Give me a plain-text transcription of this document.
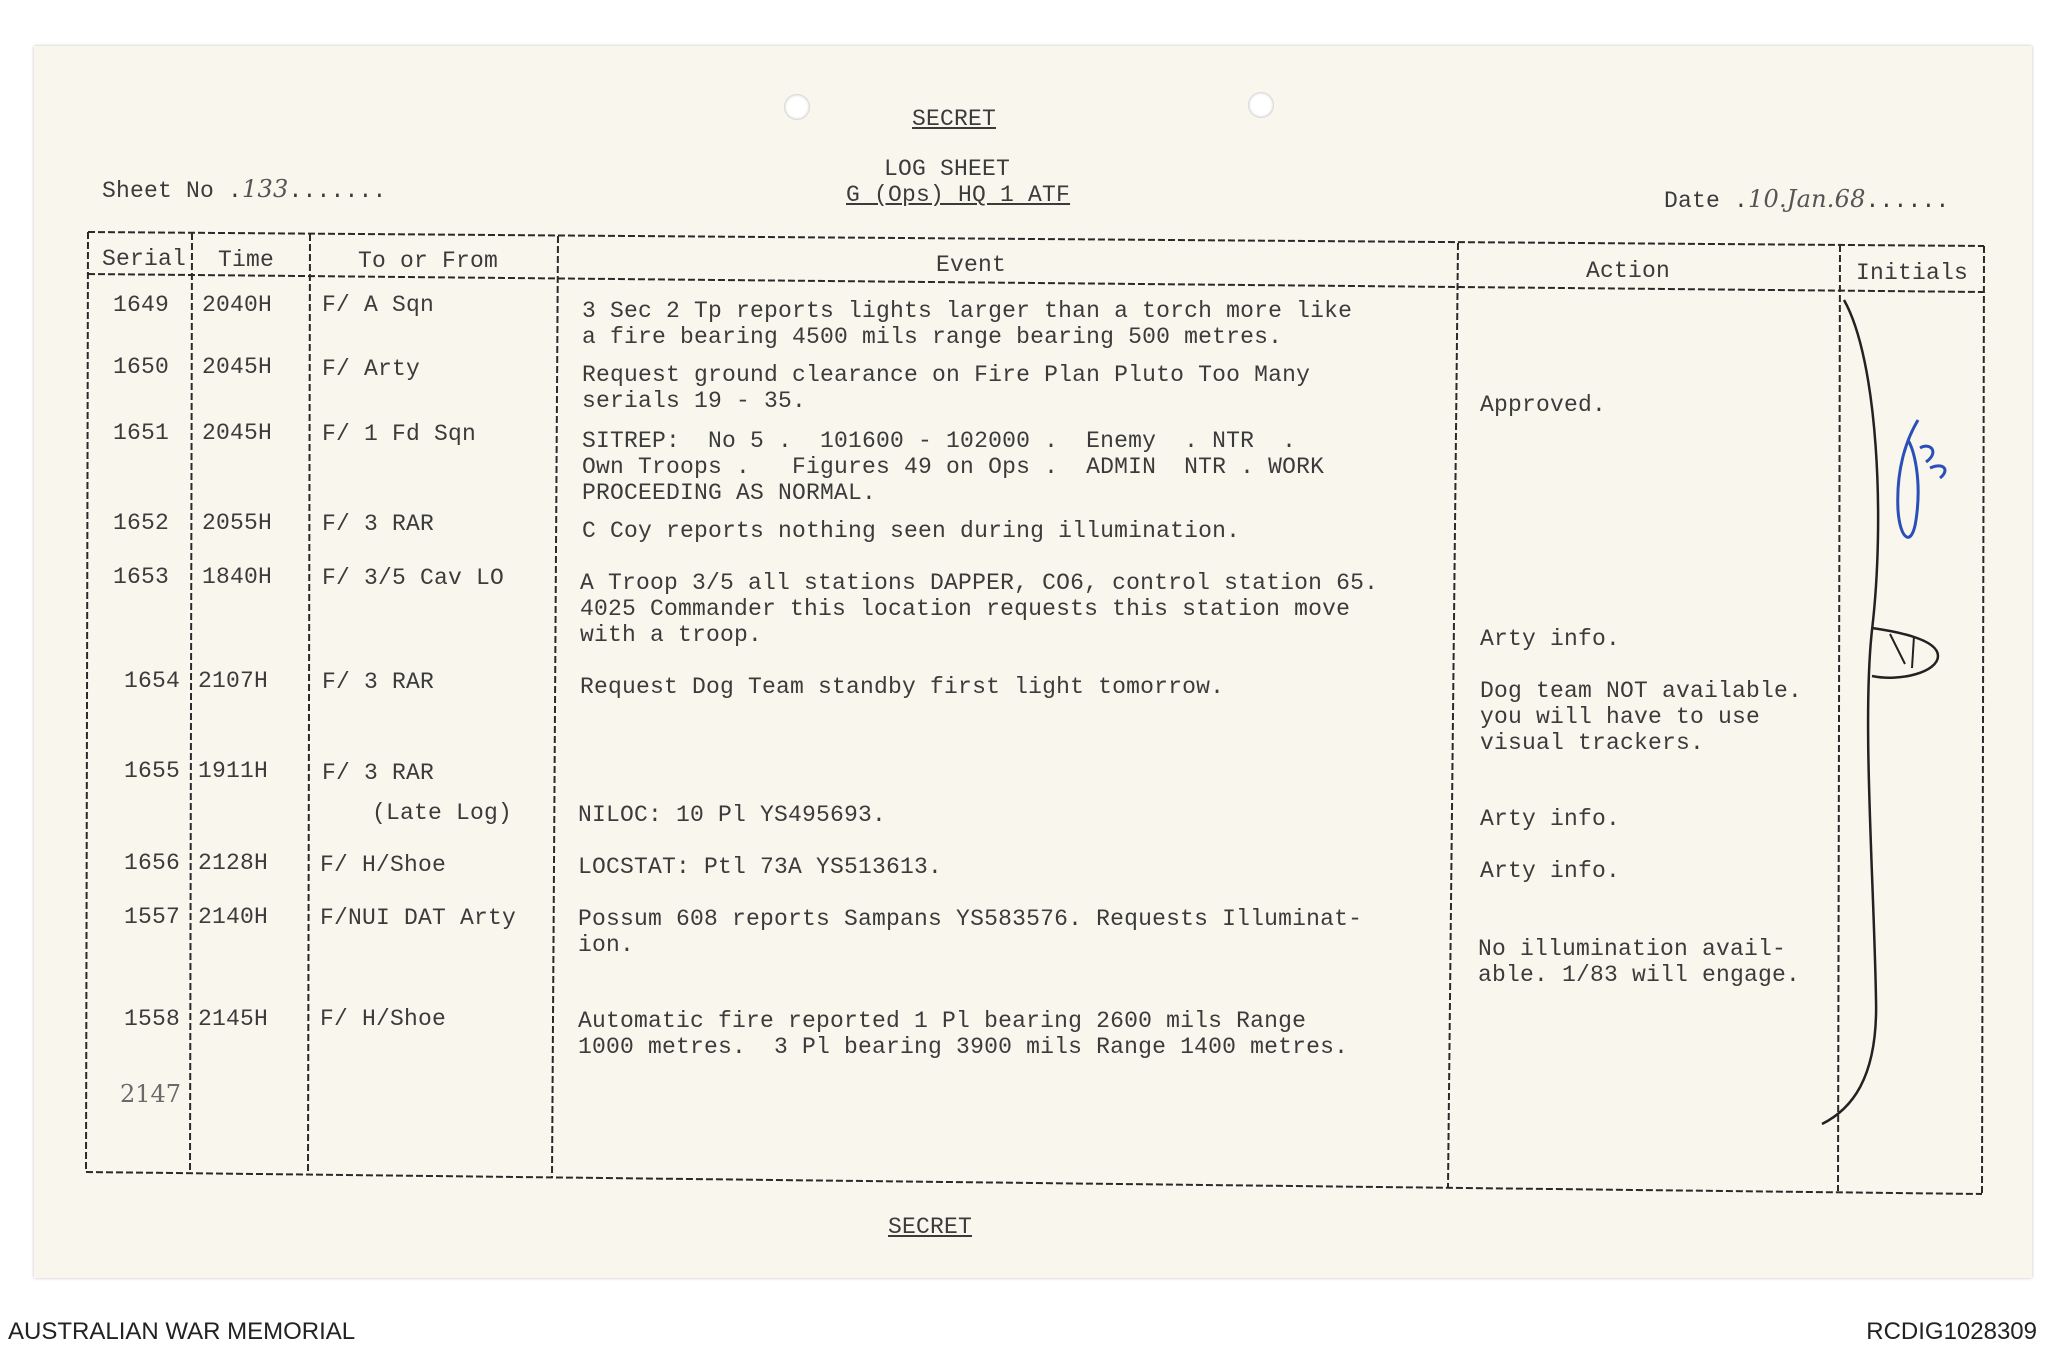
SECRET
Sheet No .133.......
LOG SHEET
G (Ops) HQ 1 ATF	Date .10.Jan.68......
Serial Time	To or From	Event	Action	Initials
1649 2040H F/ A Sqn	3 Sec 2 Tp reports lights larger than a torch more like
a fire bearing 4500 mils range bearing 500 metres.
1650 2045H F/ Arty	Request ground clearance on Fire Plan Pluto Too Many
serials 19 - 35.	Approved.
1651 2045H F/ 1 Fd Sqn	SITREP:  No 5 .  101600 - 102000 .  Enemy  . NTR  .
Own Troops .   Figures 49 on Ops .  ADMIN  NTR . WORK
PROCEEDING AS NORMAL.
1652 2055H F/ 3 RAR	C Coy reports nothing seen during illumination.
1653 1840H F/ 3/5 Cav LO	A Troop 3/5 all stations DAPPER, CO6, control station 65.
4025 Commander this location requests this station move
with a troop.	Arty info.
1654 2107H F/ 3 RAR	Request Dog Team standby first light tomorrow.	Dog team NOT available.
you will have to use
visual trackers.
1655 1911H F/ 3 RAR
(Late Log)	NILOC: 10 Pl YS495693.	Arty info.
1656 2128H F/ H/Shoe	LOCSTAT: Ptl 73A YS513613.	Arty info.
1557 2140H F/NUI DAT Arty	Possum 608 reports Sampans YS583576. Requests Illuminat-
ion.	No illumination avail-
able. 1/83 will engage.
1558 2145H F/ H/Shoe	Automatic fire reported 1 Pl bearing 2600 mils Range
1000 metres.  3 Pl bearing 3900 mils Range 1400 metres.
2147
SECRET
AUSTRALIAN WAR MEMORIAL	RCDIG1028309
